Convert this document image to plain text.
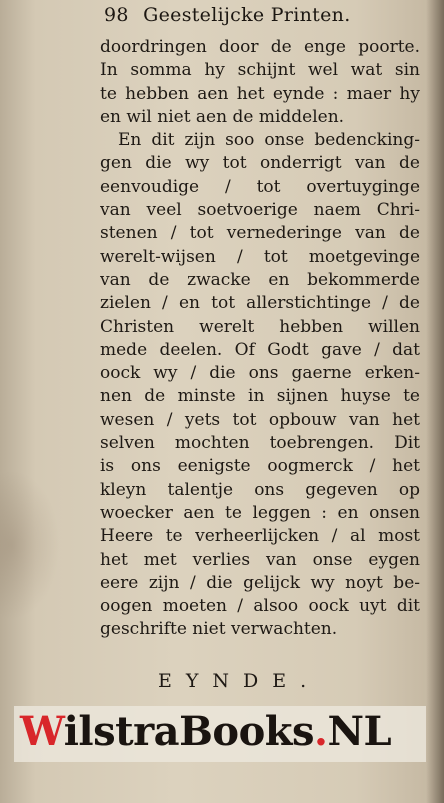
98 Geestelijcke Printen.
doordringen door de enge poorte.
In somma hy schijnt wel wat sin
te hebben aen het eynde : maer hy
en wil niet aen de middelen.
En dit zijn soo onse bedencking-
gen die wy tot onderrigt van de
eenvoudige / tot overtuyginge
van veel soetvoerige naem Chri-
stenen / tot vernederinge van de
werelt-wijsen / tot moetgevinge
van de zwacke en bekommerde
zielen / en tot allerstichtinge / de
Christen werelt hebben willen
mede deelen. Of Godt gave / dat
oock wy / die ons gaerne erken-
nen de minste in sijnen huyse te
wesen / yets tot opbouw van het
selven mochten toebrengen. Dit
is ons eenigste oogmerck / het
kleyn talentje ons gegeven op
woecker aen te leggen : en onsen
Heere te verheerlijcken / al most
het met verlies van onse eygen
eere zijn / die gelijck wy noyt be-
oogen moeten / alsoo oock uyt dit
geschrifte niet verwachten.
EYNDE.
WilstraBooks.NL
